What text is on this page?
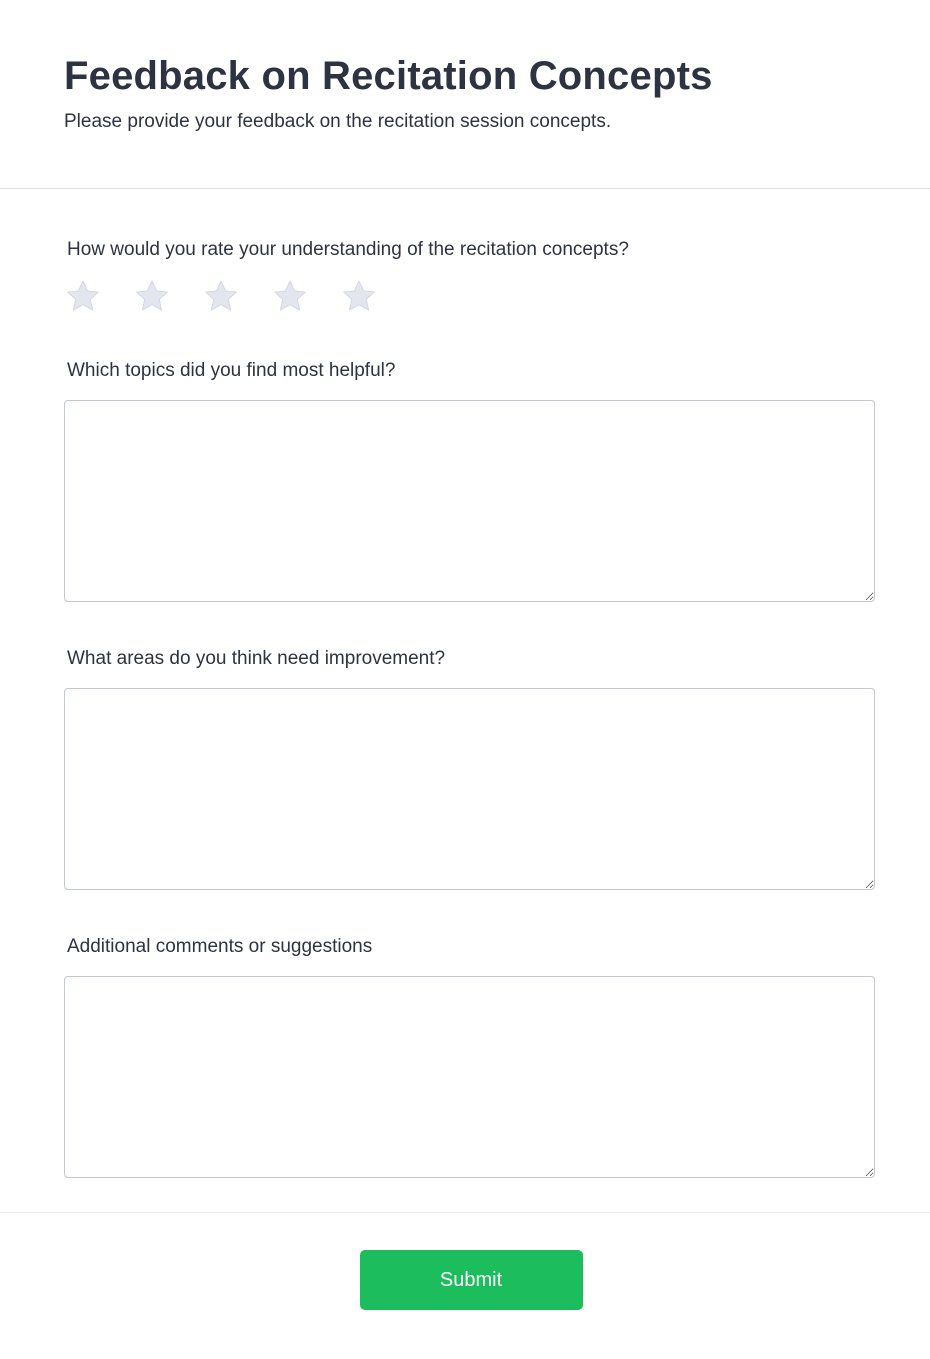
Feedback on Recitation Concepts

Please provide your feedback on the recitation session concepts.

How would you rate your understanding of the recitation concepts?

Which topics did you find most helpful?

What areas do you think need improvement?

Additional comments or suggestions

Submit
